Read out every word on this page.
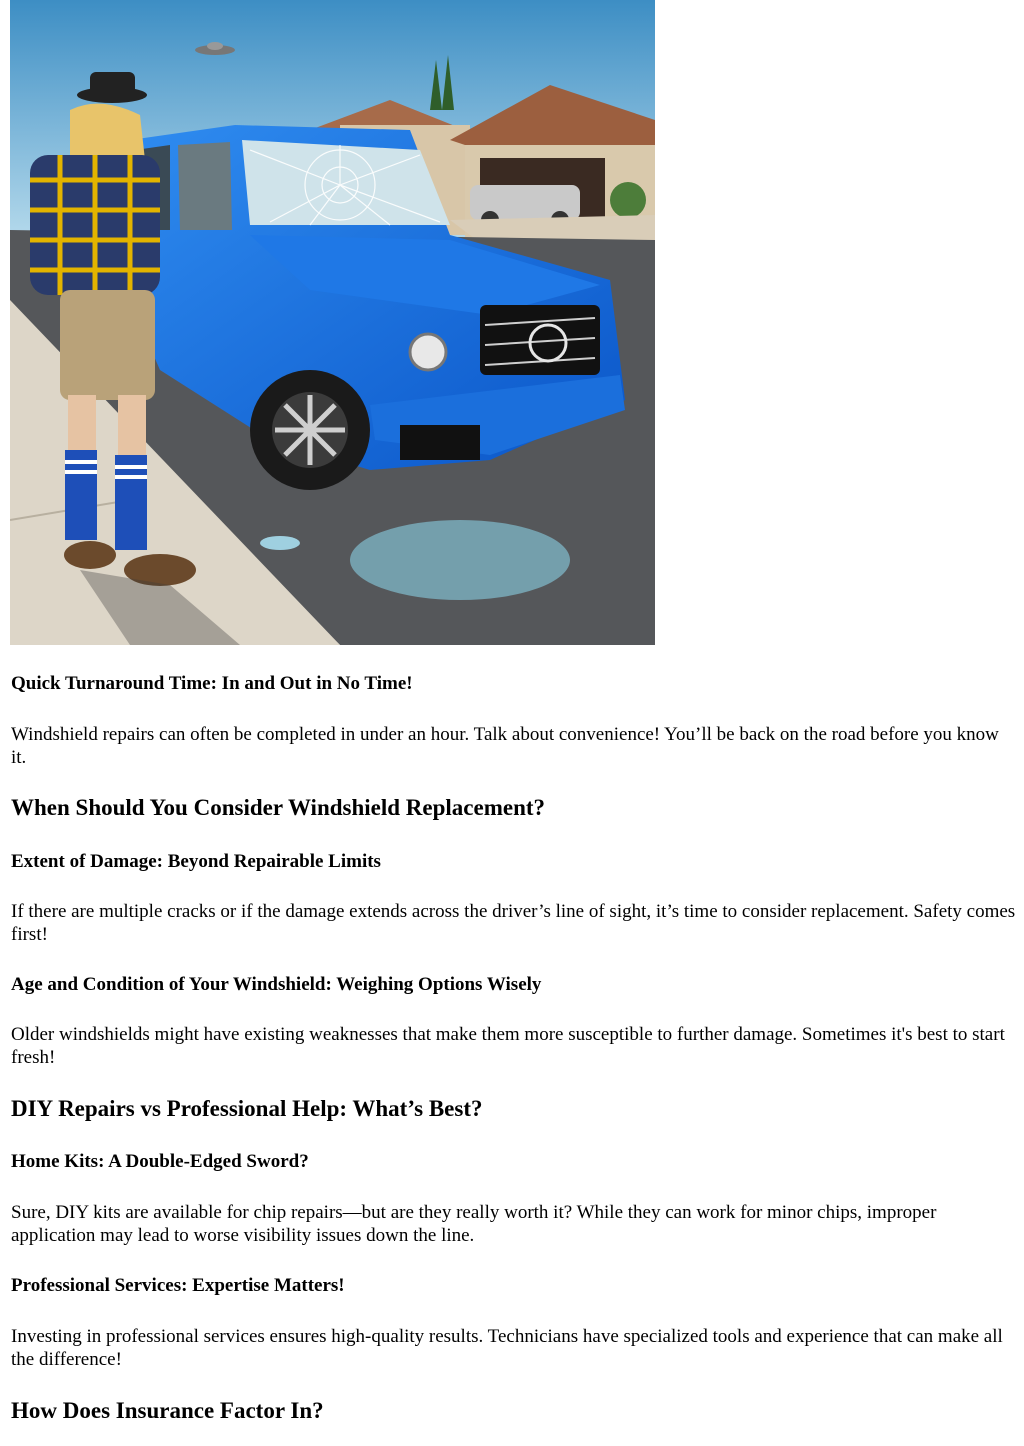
Quick Turnaround Time: In and Out in No Time!

Windshield repairs can often be completed in under an hour. Talk about convenience! You’ll be back on the road before you know it.

When Should You Consider Windshield Replacement?
Extent of Damage: Beyond Repairable Limits

If there are multiple cracks or if the damage extends across the driver’s line of sight, it’s time to consider replacement. Safety comes first!

Age and Condition of Your Windshield: Weighing Options Wisely

Older windshields might have existing weaknesses that make them more susceptible to further damage. Sometimes it's best to start fresh!

DIY Repairs vs Professional Help: What’s Best?
Home Kits: A Double-Edged Sword?

Sure, DIY kits are available for chip repairs—but are they really worth it? While they can work for minor chips, improper application may lead to worse visibility issues down the line.

Professional Services: Expertise Matters!

Investing in professional services ensures high-quality results. Technicians have specialized tools and experience that can make all the difference!

How Does Insurance Factor In?
